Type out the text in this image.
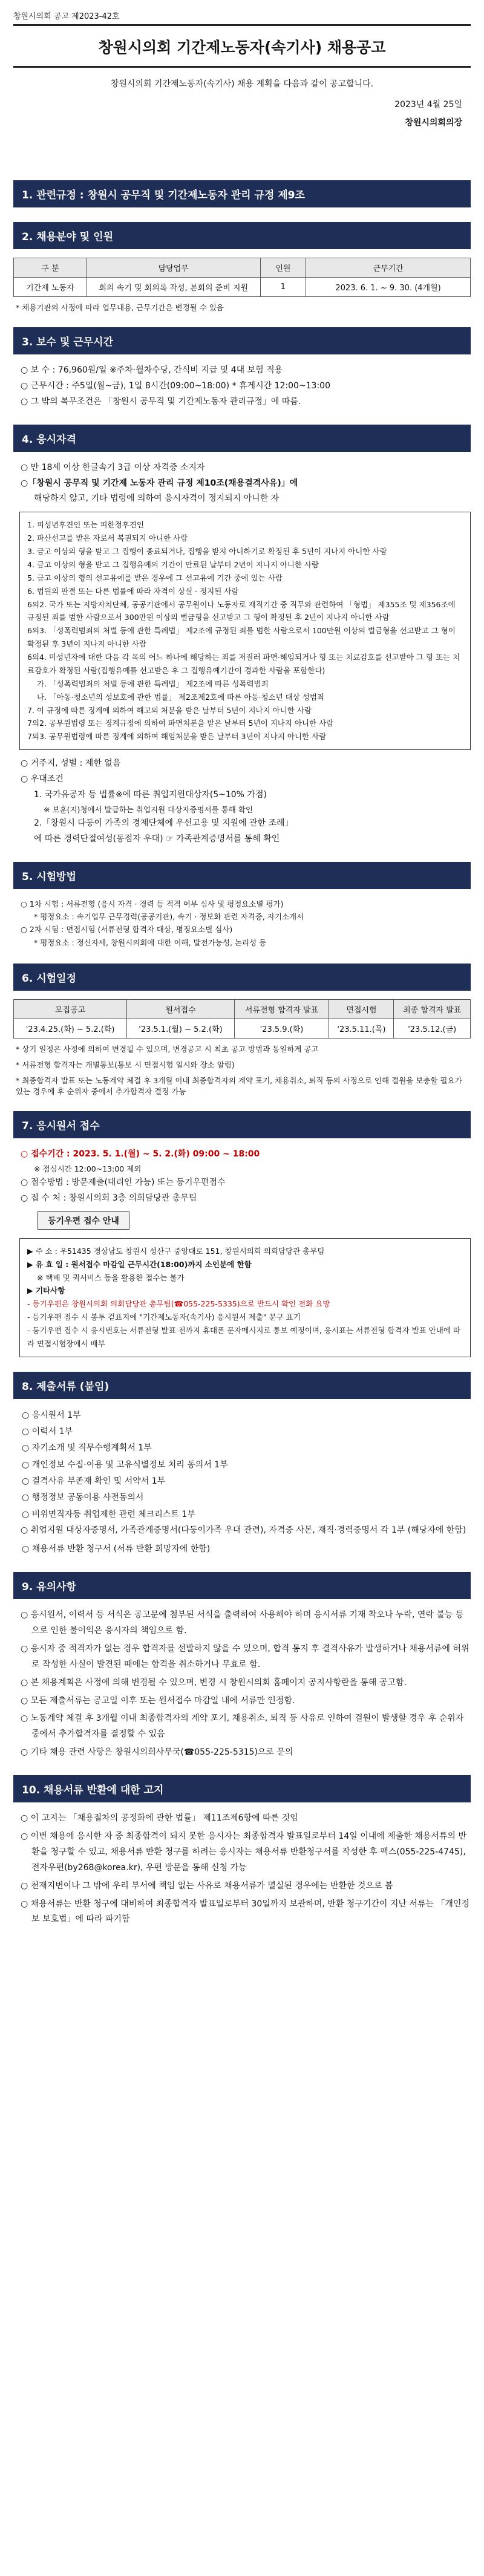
창원시의회 공고 제2023-42호
창원시의회 기간제노동자(속기사) 채용공고
창원시의회 기간제노동자(속기사) 채용 계획을 다음과 같이 공고합니다.
2023년 4월 25일
창원시의회의장
1. 관련규정 : 창원시 공무직 및 기간제노동자 관리 규정 제9조
2. 채용분야 및 인원
구 분	담당업무	인원	근무기간
기간제 노동자	회의 속기 및 회의록 작성, 본회의 준비 지원	1	2023. 6. 1. ~ 9. 30. (4개월)
* 채용기관의 사정에 따라 업무내용, 근무기간은 변경될 수 있음
3. 보수 및 근무시간
○ 보 수 : 76,960원/일 ※주차·월차수당, 간식비 지급 및 4대 보험 적용
○ 근무시간 : 주5일(월~금), 1일 8시간(09:00~18:00) * 휴게시간 12:00~13:00
○ 그 밖의 복무조건은 「창원시 공무직 및 기간제노동자 관리규정」에 따름.
4. 응시자격
○ 만 18세 이상 한글속기 3급 이상 자격증 소지자
○「창원시 공무직 및 기간제 노동자 관리 규정 제10조(채용결격사유)」에
해당하지 않고, 기타 법령에 의하여 응시자격이 정지되지 아니한 자
1. 피성년후견인 또는 피한정후견인
2. 파산선고를 받은 자로서 복권되지 아니한 사람
3. 금고 이상의 형을 받고 그 집행이 종료되거나, 집행을 받지 아니하기로 확정된 후 5년이 지나지 아니한 사람
4. 금고 이상의 형을 받고 그 집행유예의 기간이 만료된 날부터 2년이 지나지 아니한 사람
5. 금고 이상의 형의 선고유예를 받은 경우에 그 선고유예 기간 중에 있는 사람
6. 법원의 판결 또는 다른 법률에 따라 자격이 상실 · 정지된 사람
6의2. 국가 또는 지방자치단체, 공공기관에서 공무원이나 노동자로 재직기간 중 직무와 관련하여 「형법」 제355조 및 제356조에 규정된 죄를 범한 사람으로서 300만원 이상의 벌금형을 선고받고 그 형이 확정된 후 2년이 지나지 아니한 사람
6의3. 「성폭력범죄의 처벌 등에 관한 특례법」 제2조에 규정된 죄를 범한 사람으로서 100만원 이상의 벌금형을 선고받고 그 형이 확정된 후 3년이 지나지 아니한 사람
6의4. 미성년자에 대한 다음 각 목의 어느 하나에 해당하는 죄를 저질러 파면·해임되거나 형 또는 치료감호를 선고받아 그 형 또는 치료감호가 확정된 사람(집행유예를 선고받은 후 그 집행유예기간이 경과한 사람을 포함한다)
가. 「성폭력범죄의 처벌 등에 관한 특례법」 제2조에 따른 성폭력범죄
나. 「아동·청소년의 성보호에 관한 법률」 제2조제2호에 따른 아동·청소년 대상 성범죄
7. 이 규정에 따른 징계에 의하여 해고의 처분을 받은 날부터 5년이 지나지 아니한 사람
7의2. 공무원법령 또는 징계규정에 의하여 파면처분을 받은 날부터 5년이 지나지 아니한 사람
7의3. 공무원법령에 따른 징계에 의하여 해임처분을 받은 날부터 3년이 지나지 아니한 사람
○ 거주지, 성별 : 제한 없음
○ 우대조건
1. 국가유공자 등 법률※에 따른 취업지원대상자(5~10% 가점)
※ 보훈(지)청에서 발급하는 취업지원 대상자증명서를 통해 확인
2.「창원시 다둥이 가족의 경제단체에 우선고용 및 지원에 관한 조례」
에 따른 경력단절여성(동점자 우대) ☞ 가족관계증명서를 통해 확인
5. 시험방법
○ 1차 시험 : 서류전형 (응시 자격 · 경력 등 적격 여부 심사 및 평정요소별 평가)
* 평정요소 : 속기업무 근무경력(공공기관), 속기 · 정보화 관련 자격증, 자기소개서
○ 2차 시험 : 면접시험 (서류전형 합격자 대상, 평정요소별 심사)
* 평정요소 : 정신자세, 창원시의회에 대한 이해, 발전가능성, 논리성 등
6. 시험일정
모집공고	원서접수	서류전형 합격자 발표	면접시험	최종 합격자 발표
'23.4.25.(화) ~ 5.2.(화)	'23.5.1.(월) ~ 5.2.(화)	'23.5.9.(화)	'23.5.11.(목)	'23.5.12.(금)
* 상기 일정은 사정에 의하여 변경될 수 있으며, 변경공고 시 최초 공고 방법과 동일하게 공고
* 서류전형 합격자는 개별통보(통보 시 면접시험 일시와 장소 알림)
* 최종합격자 발표 또는 노동계약 체결 후 3개월 이내 최종합격자의 계약 포기, 채용취소, 퇴직 등의 사정으로 인해 결원을 보충할 필요가 있는 경우에 후 순위자 중에서 추가합격자 결정 가능
7. 응시원서 접수
○ 접수기간 : 2023. 5. 1.(월) ~ 5. 2.(화) 09:00 ~ 18:00
※ 점심시간 12:00~13:00 제외
○ 접수방법 : 방문제출(대리인 가능) 또는 등기우편접수
○ 접 수 처 : 창원시의회 3층 의회담당관 총무팀
등기우편 접수 안내
▶ 주 소 : 우51435 경상남도 창원시 성산구 중앙대로 151, 창원시의회 의회담당관 총무팀
▶ 유 효 일 : 원서접수 마감일 근무시간(18:00)까지 소인분에 한함
※ 택배 및 퀵서비스 등을 활용한 접수는 불가
▶ 기타사항
- 등기우편은 창원시의회 의회담당관 총무팀(☎055-225-5335)으로 반드시 확인 전화 요망
- 등기우편 접수 시 봉투 겉표지에 "기간제노동자(속기사) 응시원서 제출" 문구 표기
- 등기우편 접수 시 응시번호는 서류전형 발표 전까지 휴대폰 문자메시지로 통보 예정이며, 응시표는 서류전형 합격자 발표 안내에 따라 면접시험장에서 배부
8. 제출서류 (붙임)
○ 응시원서 1부
○ 이력서 1부
○ 자기소개 및 직무수행계획서 1부
○ 개인정보 수집·이용 및 고유식별정보 처리 동의서 1부
○ 결격사유 부존재 확인 및 서약서 1부
○ 행정정보 공동이용 사전동의서
○ 비위면직자등 취업제한 관련 체크리스트 1부
○ 취업지원 대상자증명서, 가족관계증명서(다둥이가족 우대 관련), 자격증 사본, 재직·경력증명서 각 1부 (해당자에 한함)
○ 채용서류 반환 청구서 (서류 반환 희망자에 한함)
9. 유의사항
○ 응시원서, 이력서 등 서식은 공고문에 첨부된 서식을 출력하여 사용해야 하며 응시서류 기재 착오나 누락, 연락 불능 등으로 인한 불이익은 응시자의 책임으로 함.
○ 응시자 중 적격자가 없는 경우 합격자를 선발하지 않을 수 있으며, 합격 통지 후 결격사유가 발생하거나 채용서류에 허위로 작성한 사실이 발견된 때에는 합격을 취소하거나 무효로 함.
○ 본 채용계획은 사정에 의해 변경될 수 있으며, 변경 시 창원시의회 홈페이지 공지사항란을 통해 공고함.
○ 모든 제출서류는 공고일 이후 또는 원서접수 마감일 내에 서류만 인정함.
○ 노동계약 체결 후 3개월 이내 최종합격자의 계약 포기, 채용취소, 퇴직 등 사유로 인하여 결원이 발생할 경우 후 순위자 중에서 추가합격자를 결정할 수 있음
○ 기타 채용 관련 사항은 창원시의회사무국(☎055-225-5315)으로 문의
10. 채용서류 반환에 대한 고지
○ 이 고지는 「채용절차의 공정화에 관한 법률」 제11조제6항에 따른 것임
○ 이번 채용에 응시한 자 중 최종합격이 되지 못한 응시자는 최종합격자 발표일로부터 14일 이내에 제출한 채용서류의 반환을 청구할 수 있고, 채용서류 반환 청구를 하려는 응시자는 채용서류 반환청구서를 작성한 후 팩스(055-225-4745), 전자우편(by268@korea.kr), 우편 방문을 통해 신청 가능
○ 천재지변이나 그 밖에 우리 부서에 책임 없는 사유로 채용서류가 멸실된 경우에는 반환한 것으로 봄
○ 채용서류는 반환 청구에 대비하여 최종합격자 발표일로부터 30일까지 보관하며, 반환 청구기간이 지난 서류는 「개인정보 보호법」에 따라 파기함
